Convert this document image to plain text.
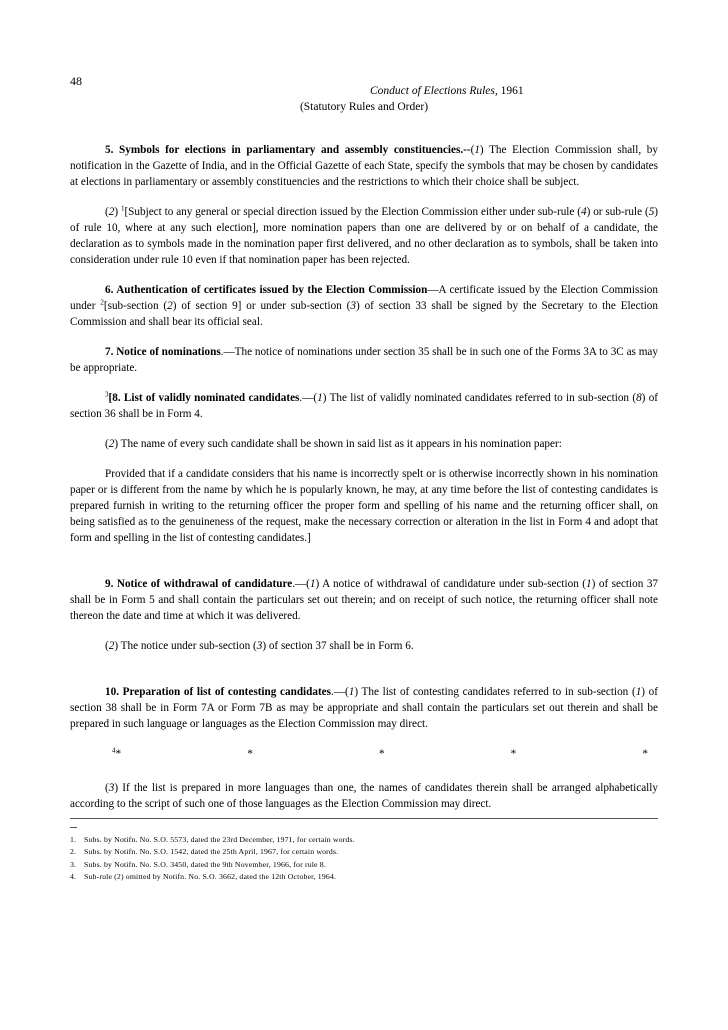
48
Conduct of Elections Rules, 1961
(Statutory Rules and Order)

5. Symbols for elections in parliamentary and assembly constituencies.--(1) The Election Commission shall, by notification in the Gazette of India, and in the Official Gazette of each State, specify the symbols that may be chosen by candidates at elections in parliamentary or assembly constituencies and the restrictions to which their choice shall be subject.

(2) $^1$[Subject to any general or special direction issued by the Election Commission either under sub-rule (4) or sub-rule (5) of rule 10, where at any such election], more nomination papers than one are delivered by or on behalf of a candidate, the declaration as to symbols made in the nomination paper first delivered, and no other declaration as to symbols, shall be taken into consideration under rule 10 even if that nomination paper has been rejected.

6. Authentication of certificates issued by the Election Commission—A certificate issued by the Election Commission under $^2$[sub-section (2) of section 9] or under sub-section (3) of section 33 shall be signed by the Secretary to the Election Commission and shall bear its official seal.

7. Notice of nominations.—The notice of nominations under section 35 shall be in such one of the Forms 3A to 3C as may be appropriate.

$^3$[8. List of validly nominated candidates.—(1) The list of validly nominated candidates referred to in sub-section (8) of section 36 shall be in Form 4.

(2) The name of every such candidate shall be shown in said list as it appears in his nomination paper:

Provided that if a candidate considers that his name is incorrectly spelt or is otherwise incorrectly shown in his nomination paper or is different from the name by which he is popularly known, he may, at any time before the list of contesting candidates is prepared furnish in writing to the returning officer the proper form and spelling of his name and the returning officer shall, on being satisfied as to the genuineness of the request, make the necessary correction or alteration in the list in Form 4 and adopt that form and spelling in the list of contesting candidates.]

9. Notice of withdrawal of candidature.—(1) A notice of withdrawal of candidature under sub-section (1) of section 37 shall be in Form 5 and shall contain the particulars set out therein; and on receipt of such notice, the returning officer shall note thereon the date and time at which it was delivered.

(2) The notice under sub-section (3) of section 37 shall be in Form 6.

10. Preparation of list of contesting candidates.—(1) The list of contesting candidates referred to in sub-section (1) of section 38 shall be in Form 7A or Form 7B as may be appropriate and shall contain the particulars set out therein and shall be prepared in such language or languages as the Election Commission may direct.

$^4$*	*	*	*	*

(3) If the list is prepared in more languages than one, the names of candidates therein shall be arranged alphabetically according to the script of such one of those languages as the Election Commission may direct.

1.	Subs. by Notifn. No. S.O. 5573, dated the 23rd December, 1971, for certain words.
2.	Subs. by Notifn. No. S.O. 1542, dated the 25th April, 1967, for certain words.
3.	Subs. by Notifn. No. S.O. 3450, dated the 9th November, 1966, for rule 8.
4.	Sub-rule (2) omitted by Notifn. No. S.O. 3662, dated the 12th October, 1964.
